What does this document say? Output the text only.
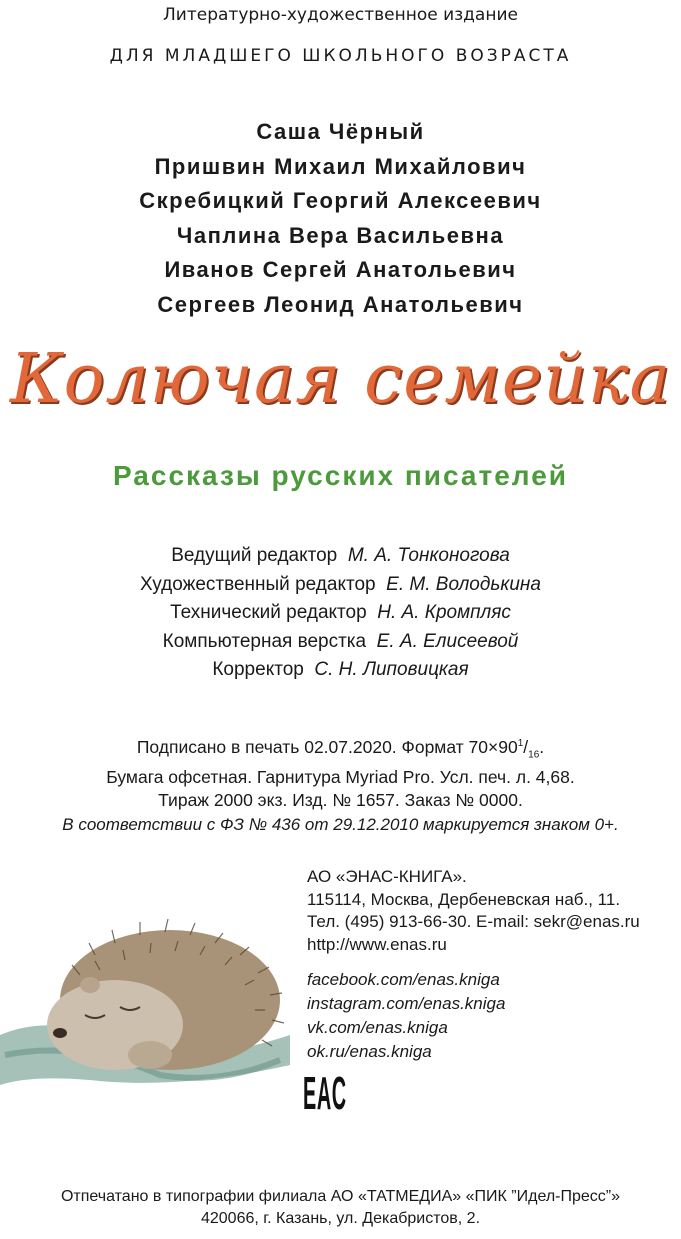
Литературно-художественное издание
ДЛЯ МЛАДШЕГО ШКОЛЬНОГО ВОЗРАСТА
Саша Чёрный
Пришвин Михаил Михайлович
Скребицкий Георгий Алексеевич
Чаплина Вера Васильевна
Иванов Сергей Анатольевич
Сергеев Леонид Анатольевич
Колючая семейка
Рассказы русских писателей
Ведущий редактор М. А. Тонконогова
Художественный редактор Е. М. Володькина
Технический редактор Н. А. Кромпляс
Компьютерная верстка Е. А. Елисеевой
Корректор С. Н. Липовицкая
Подписано в печать 02.07.2020. Формат $70\times 90^1/_{16}$.
Бумага офсетная. Гарнитура Myriad Pro. Усл. печ. л. 4,68.
Тираж 2000 экз. Изд. № 1657. Заказ № 0000.
В соответствии с ФЗ № 436 от 29.12.2010 маркируется знаком 0+.
АО «ЭНАС-КНИГА».
115114, Москва, Дербеневская наб., 11.
Тел. (495) 913-66-30. E-mail: sekr@enas.ru
http://www.enas.ru
facebook.com/enas.kniga
instagram.com/enas.kniga
vk.com/enas.kniga
ok.ru/enas.kniga
EAC
Отпечатано в типографии филиала АО «ТАТМЕДИА» «ПИК ”Идел-Пресс”»
420066, г. Казань, ул. Декабристов, 2.
